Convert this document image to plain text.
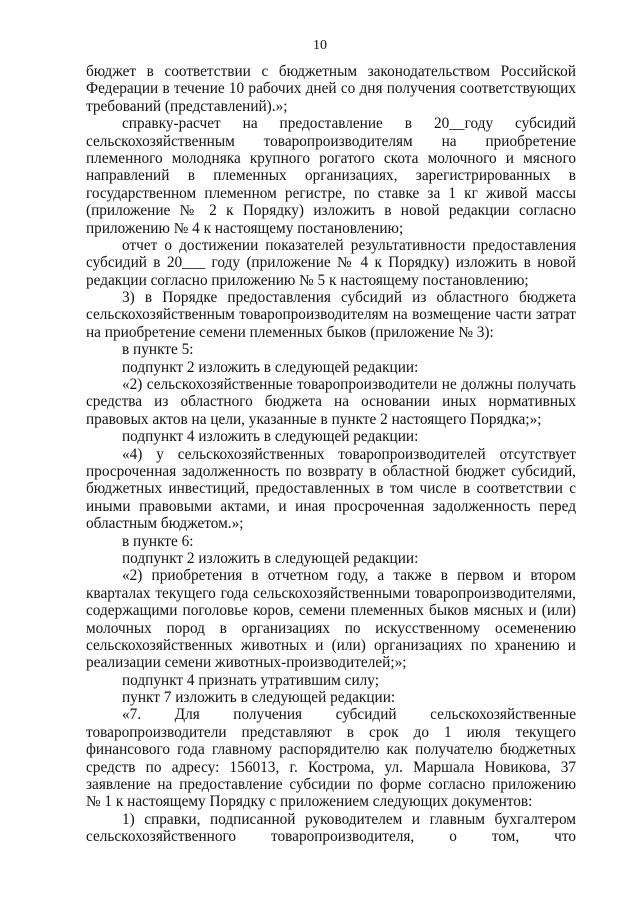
10
бюджет в соответствии с бюджетным законодательством Российской
Федерации в течение 10 рабочих дней со дня получения соответствующих
требований (представлений).»;
справку-расчет на предоставление в 20__году субсидий
сельскохозяйственным товаропроизводителям на приобретение
племенного молодняка крупного рогатого скота молочного и мясного
направлений в племенных организациях, зарегистрированных в
государственном племенном регистре, по ставке за 1 кг живой массы
(приложение № 2 к Порядку) изложить в новой редакции согласно
приложению № 4 к настоящему постановлению;
отчет о достижении показателей результативности предоставления
субсидий в 20___ году (приложение № 4 к Порядку) изложить в новой
редакции согласно приложению № 5 к настоящему постановлению;
3) в Порядке предоставления субсидий из областного бюджета
сельскохозяйственным товаропроизводителям на возмещение части затрат
на приобретение семени племенных быков (приложение № 3):
в пункте 5:
подпункт 2 изложить в следующей редакции:
«2) сельскохозяйственные товаропроизводители не должны получать
средства из областного бюджета на основании иных нормативных
правовых актов на цели, указанные в пункте 2 настоящего Порядка;»;
подпункт 4 изложить в следующей редакции:
«4) у сельскохозяйственных товаропроизводителей отсутствует
просроченная задолженность по возврату в областной бюджет субсидий,
бюджетных инвестиций, предоставленных в том числе в соответствии с
иными правовыми актами, и иная просроченная задолженность перед
областным бюджетом.»;
в пункте 6:
подпункт 2 изложить в следующей редакции:
«2) приобретения в отчетном году, а также в первом и втором
кварталах текущего года сельскохозяйственными товаропроизводителями,
содержащими поголовье коров, семени племенных быков мясных и (или)
молочных пород в организациях по искусственному осеменению
сельскохозяйственных животных и (или) организациях по хранению и
реализации семени животных-производителей;»;
подпункт 4 признать утратившим силу;
пункт 7 изложить в следующей редакции:
«7. Для получения субсидий сельскохозяйственные
товаропроизводители представляют в срок до 1 июля текущего
финансового года главному распорядителю как получателю бюджетных
средств по адресу: 156013, г. Кострома, ул. Маршала Новикова, 37
заявление на предоставление субсидии по форме согласно приложению
№ 1 к настоящему Порядку с приложением следующих документов:
1) справки, подписанной руководителем и главным бухгалтером
сельскохозяйственного товаропроизводителя, о том, что
